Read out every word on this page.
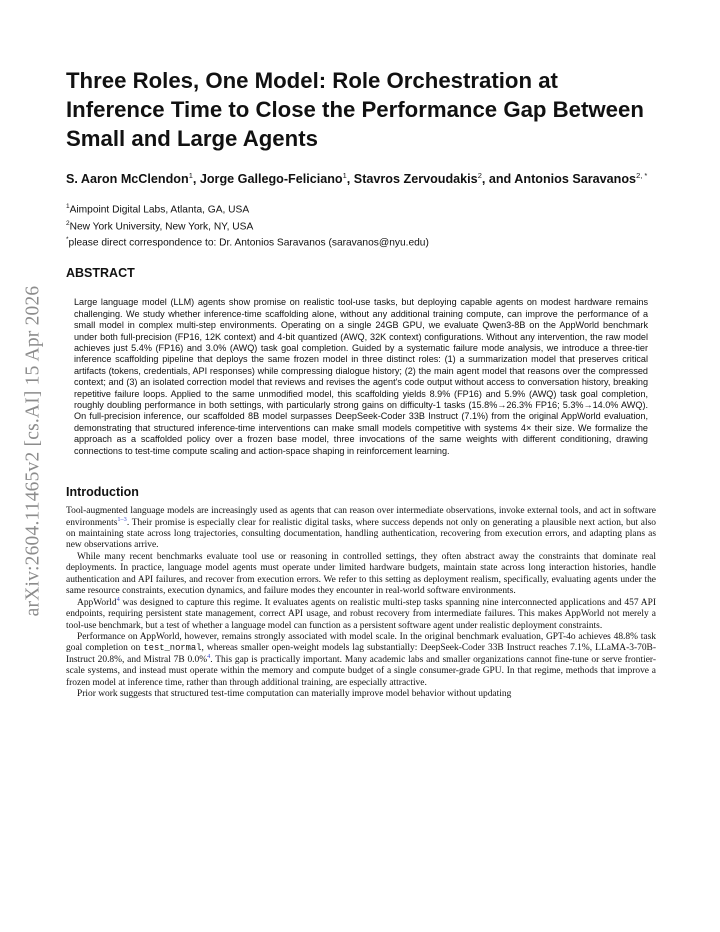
arXiv:2604.11465v2 [cs.AI] 15 Apr 2026
Three Roles, One Model: Role Orchestration at Inference Time to Close the Performance Gap Between Small and Large Agents
S. Aaron McClendon$^1$, Jorge Gallego-Feliciano$^1$, Stavros Zervoudakis$^2$, and Antonios Saravanos$^{2, *}$
$^1$Aimpoint Digital Labs, Atlanta, GA, USA
$^2$New York University, New York, NY, USA
*please direct correspondence to: Dr. Antonios Saravanos (saravanos@nyu.edu)
ABSTRACT
Large language model (LLM) agents show promise on realistic tool-use tasks, but deploying capable agents on modest hardware remains challenging. We study whether inference-time scaffolding alone, without any additional training compute, can improve the performance of a small model in complex multi-step environments. Operating on a single 24GB GPU, we evaluate Qwen3-8B on the AppWorld benchmark under both full-precision (FP16, 12K context) and 4-bit quantized (AWQ, 32K context) configurations. Without any intervention, the raw model achieves just 5.4% (FP16) and 3.0% (AWQ) task goal completion. Guided by a systematic failure mode analysis, we introduce a three-tier inference scaffolding pipeline that deploys the same frozen model in three distinct roles: (1) a summarization model that preserves critical artifacts (tokens, credentials, API responses) while compressing dialogue history; (2) the main agent model that reasons over the compressed context; and (3) an isolated correction model that reviews and revises the agent's code output without access to conversation history, breaking repetitive failure loops. Applied to the same unmodified model, this scaffolding yields 8.9% (FP16) and 5.9% (AWQ) task goal completion, roughly doubling performance in both settings, with particularly strong gains on difficulty-1 tasks (15.8%→26.3% FP16; 5.3%→14.0% AWQ). On full-precision inference, our scaffolded 8B model surpasses DeepSeek-Coder 33B Instruct (7.1%) from the original AppWorld evaluation, demonstrating that structured inference-time interventions can make small models competitive with systems 4× their size. We formalize the approach as a scaffolded policy over a frozen base model, three invocations of the same weights with different conditioning, drawing connections to test-time compute scaling and action-space shaping in reinforcement learning.
Introduction

Tool-augmented language models are increasingly used as agents that can reason over intermediate observations, invoke external tools, and act in software environments$^{1-3}$. Their promise is especially clear for realistic digital tasks, where success depends not only on generating a plausible next action, but also on maintaining state across long trajectories, consulting documentation, handling authentication, recovering from execution errors, and adapting plans as new observations arrive.

While many recent benchmarks evaluate tool use or reasoning in controlled settings, they often abstract away the constraints that dominate real deployments. In practice, language model agents must operate under limited hardware budgets, maintain state across long interaction histories, handle authentication and API failures, and recover from execution errors. We refer to this setting as deployment realism, specifically, evaluating agents under the same resource constraints, execution dynamics, and failure modes they encounter in real-world software environments.

AppWorld$^4$ was designed to capture this regime. It evaluates agents on realistic multi-step tasks spanning nine interconnected applications and 457 API endpoints, requiring persistent state management, correct API usage, and robust recovery from intermediate failures. This makes AppWorld not merely a tool-use benchmark, but a test of whether a language model can function as a persistent software agent under realistic deployment constraints.

Performance on AppWorld, however, remains strongly associated with model scale. In the original benchmark evaluation, GPT-4o achieves 48.8% task goal completion on test_normal, whereas smaller open-weight models lag substantially: DeepSeek-Coder 33B Instruct reaches 7.1%, LLaMA-3-70B-Instruct 20.8%, and Mistral 7B 0.0%$^4$. This gap is practically important. Many academic labs and smaller organizations cannot fine-tune or serve frontier-scale systems, and instead must operate within the memory and compute budget of a single consumer-grade GPU. In that regime, methods that improve a frozen model at inference time, rather than through additional training, are especially attractive.

Prior work suggests that structured test-time computation can materially improve model behavior without updating
